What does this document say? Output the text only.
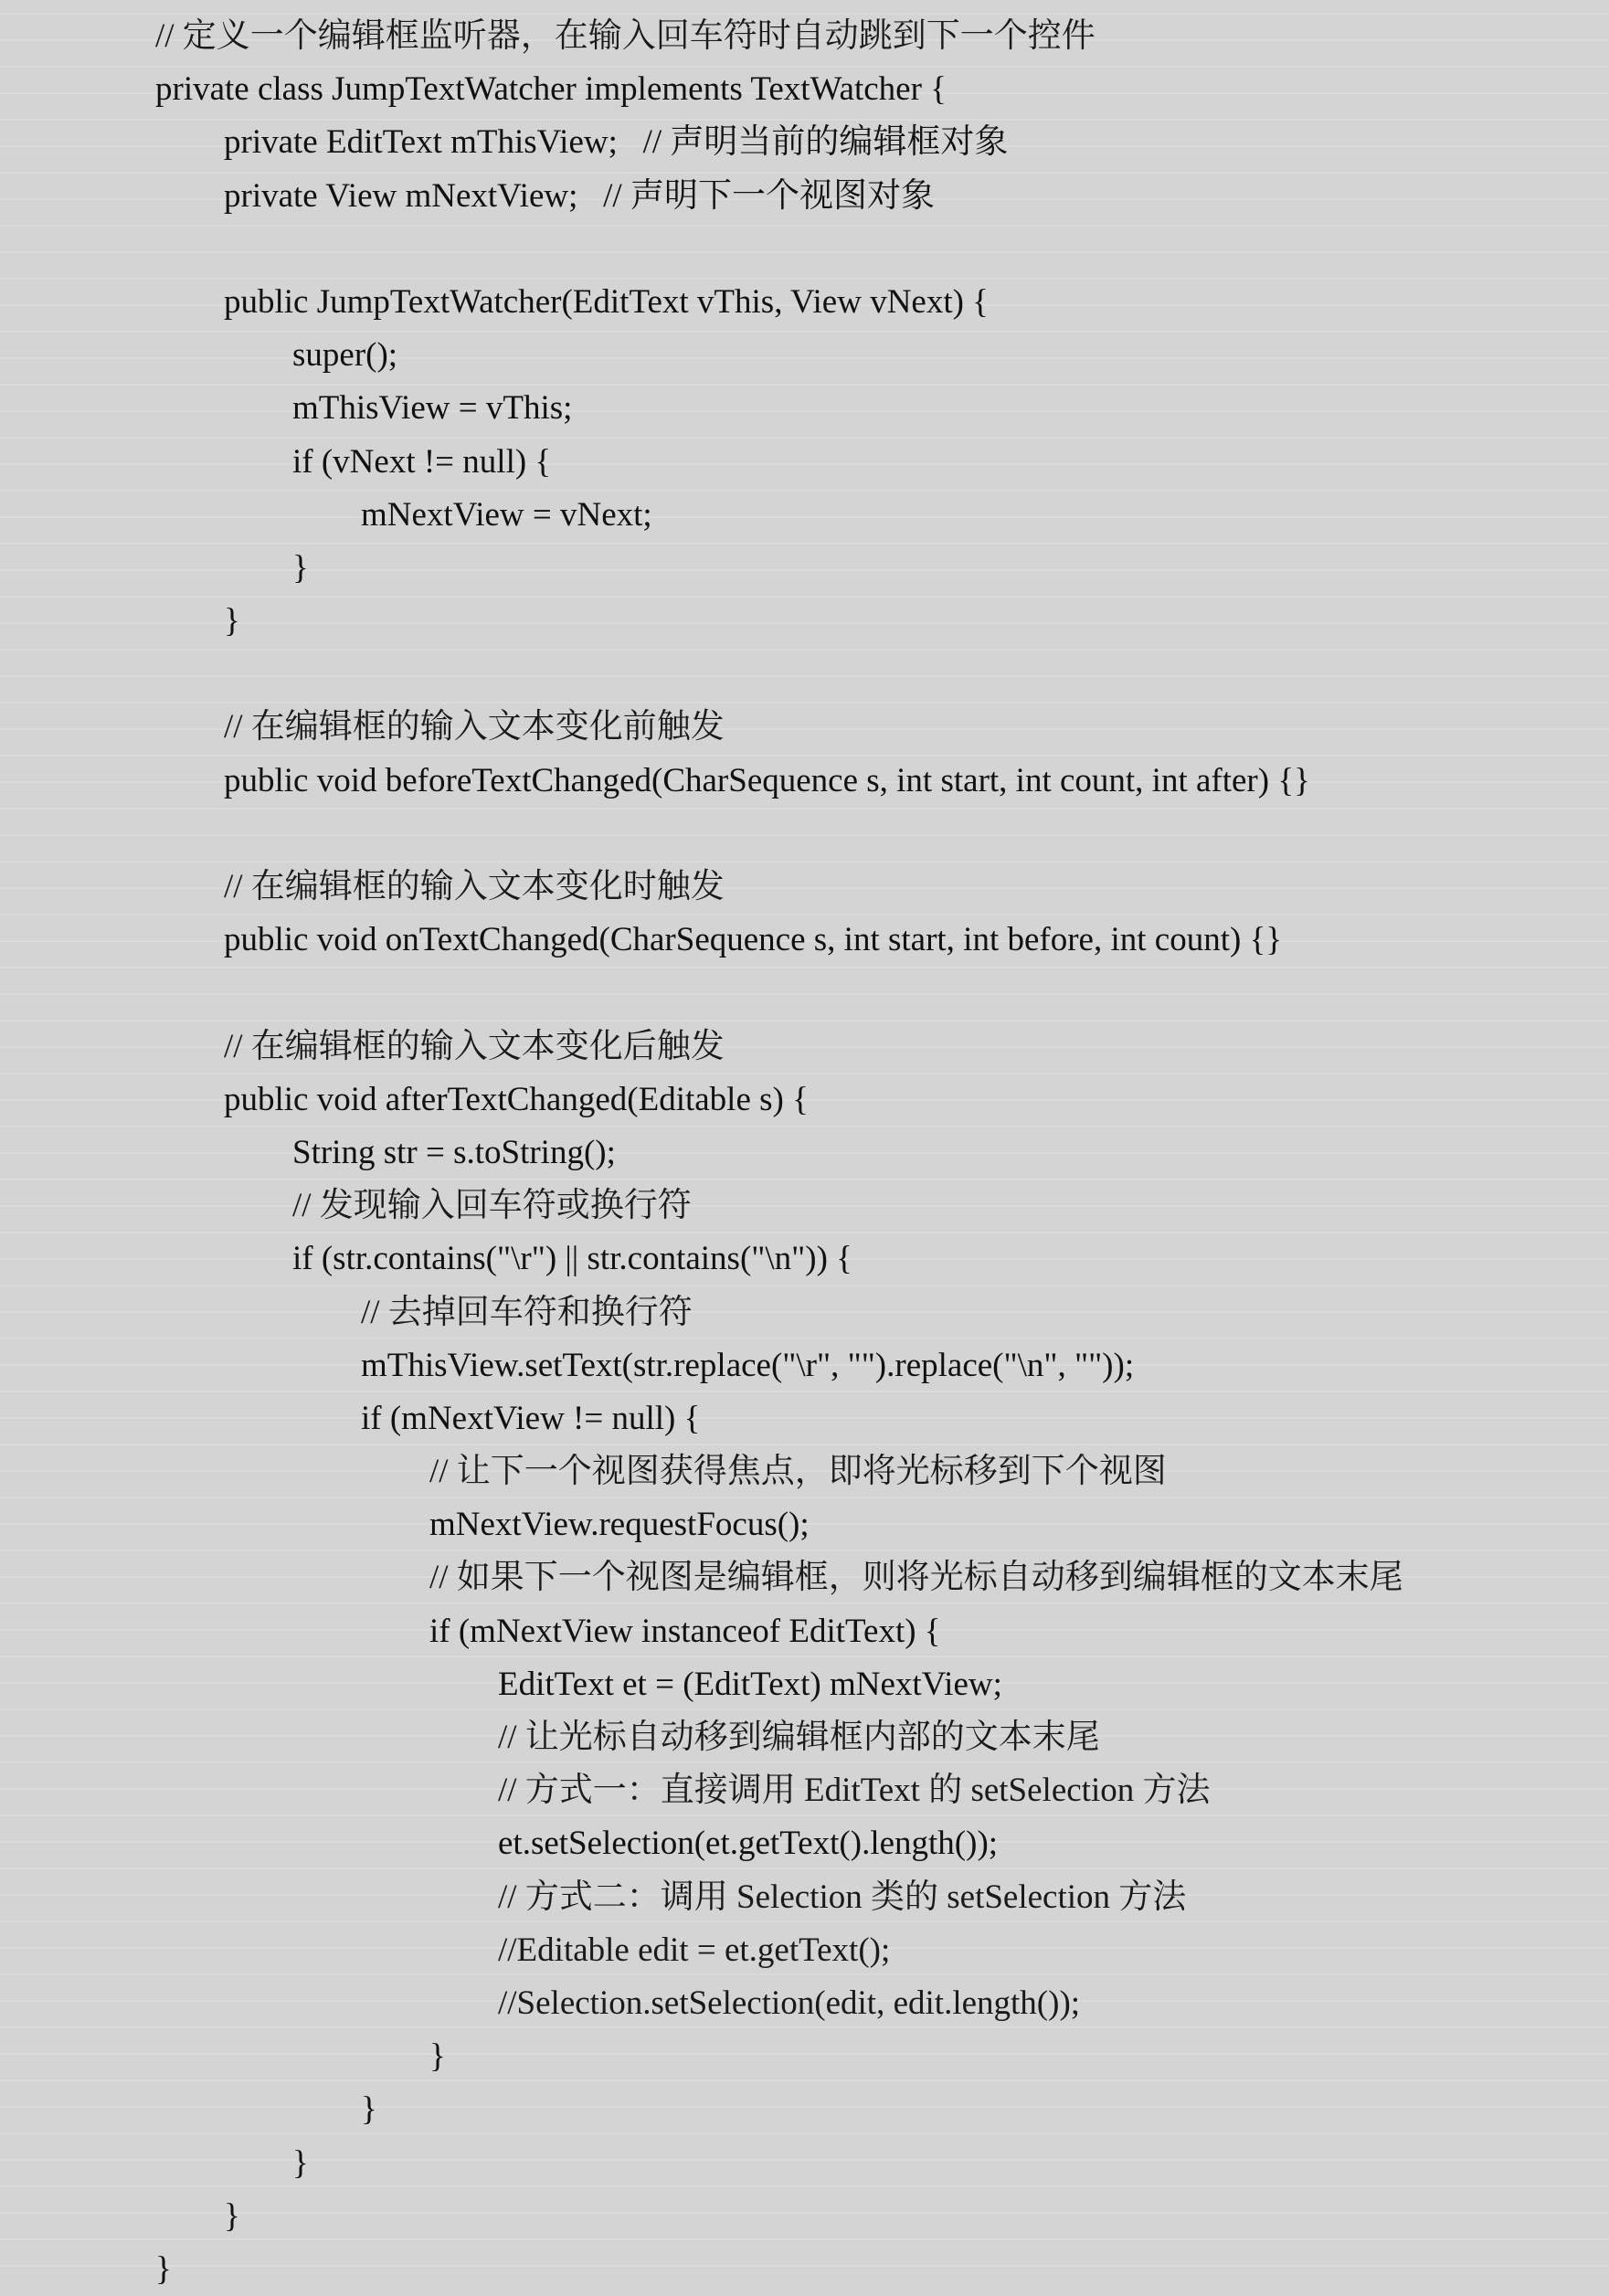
// 定义一个编辑框监听器，在输入回车符时自动跳到下一个控件
private class JumpTextWatcher implements TextWatcher {
private EditText mThisView;   // 声明当前的编辑框对象
private View mNextView;   // 声明下一个视图对象
public JumpTextWatcher(EditText vThis, View vNext) {
super();
mThisView = vThis;
if (vNext != null) {
mNextView = vNext;
}
}
// 在编辑框的输入文本变化前触发
public void beforeTextChanged(CharSequence s, int start, int count, int after) {}
// 在编辑框的输入文本变化时触发
public void onTextChanged(CharSequence s, int start, int before, int count) {}
// 在编辑框的输入文本变化后触发
public void afterTextChanged(Editable s) {
String str = s.toString();
// 发现输入回车符或换行符
if (str.contains("\r") || str.contains("\n")) {
// 去掉回车符和换行符
mThisView.setText(str.replace("\r", "").replace("\n", ""));
if (mNextView != null) {
// 让下一个视图获得焦点，即将光标移到下个视图
mNextView.requestFocus();
// 如果下一个视图是编辑框，则将光标自动移到编辑框的文本末尾
if (mNextView instanceof EditText) {
EditText et = (EditText) mNextView;
// 让光标自动移到编辑框内部的文本末尾
// 方式一：直接调用 EditText 的 setSelection 方法
et.setSelection(et.getText().length());
// 方式二：调用 Selection 类的 setSelection 方法
//Editable edit = et.getText();
//Selection.setSelection(edit, edit.length());
}
}
}
}
}
